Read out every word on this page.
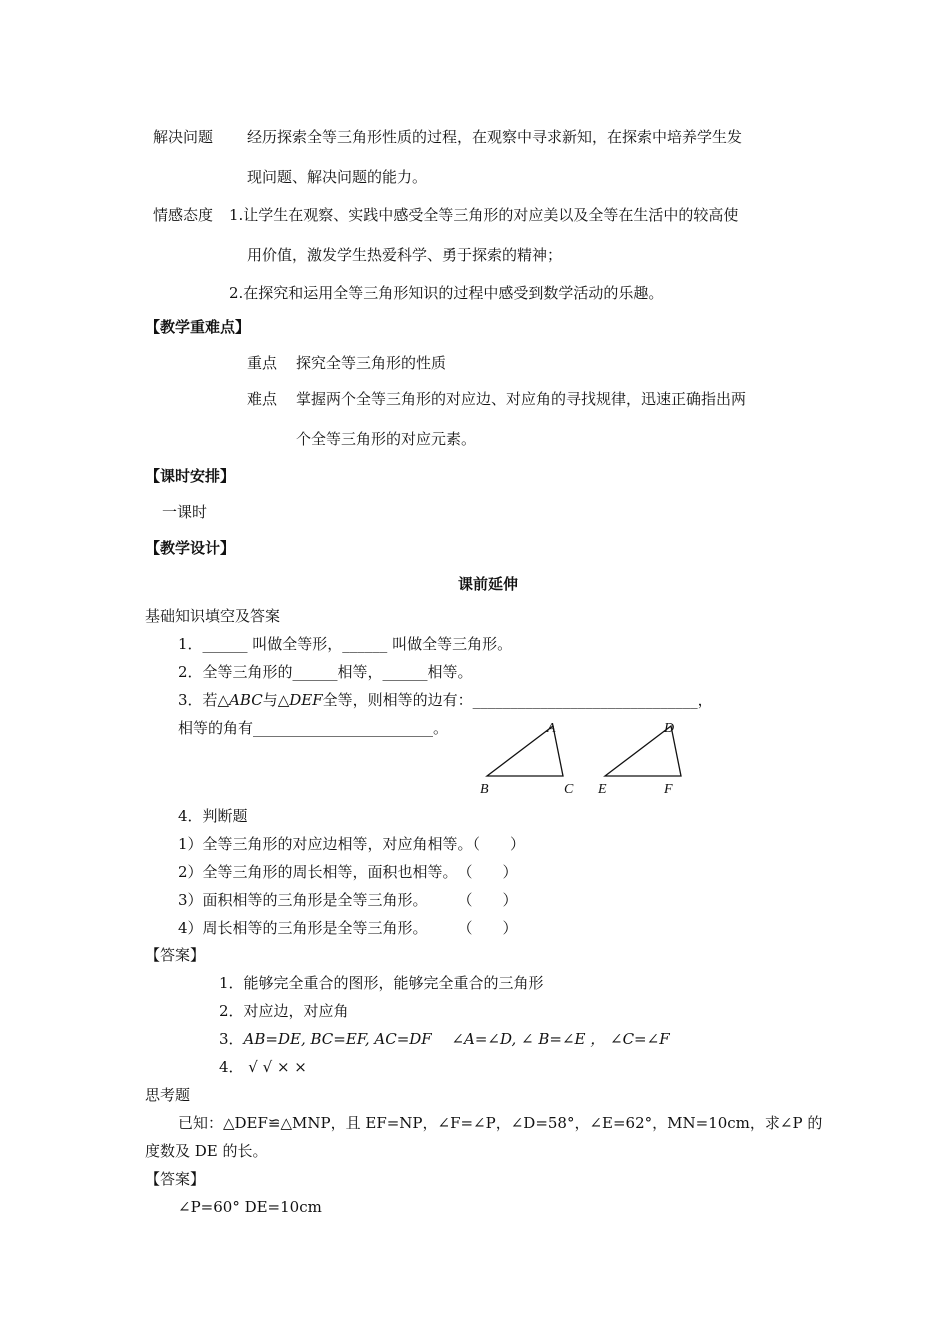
解决问题 经历探索全等三角形性质的过程，在观察中寻求新知，在探索中培养学生发
现问题、解决问题的能力。
情感态度 1.让学生在观察、实践中感受全等三角形的对应美以及全等在生活中的较高使
用价值，激发学生热爱科学、勇于探索的精神；
2.在探究和运用全等三角形知识的过程中感受到数学活动的乐趣。
【教学重难点】
重点 探究全等三角形的性质
难点 掌握两个全等三角形的对应边、对应角的寻找规律，迅速正确指出两
个全等三角形的对应元素。
【课时安排】
一课时
【教学设计】
课前延伸
基础知识填空及答案
1．______ 叫做全等形，______ 叫做全等三角形。
2．全等三角形的______相等，______相等。
3．若△ABC与△DEF全等，则相等的边有：______________________________，
相等的角有________________________。	A
B	C
D
E	F
4．判断题
1）全等三角形的对应边相等，对应角相等。（　　）
2）全等三角形的周长相等，面积也相等。　（　　）
3）面积相等的三角形是全等三角形。　　　（　　）
4）周长相等的三角形是全等三角形。　　　（　　）
【答案】
1．能够完全重合的图形，能够完全重合的三角形
2．对应边，对应角
3．AB=DE, BC=EF, AC=DF　 ∠A=∠D, ∠ B=∠E ， ∠C=∠F
4． √ √ × ×
思考题
已知：△DEF≌△MNP，且 EF=NP，∠F=∠P，∠D=58°，∠E=62°，MN=10cm，求∠P 的
度数及 DE 的长。
【答案】
∠P=60° DE=10cm
